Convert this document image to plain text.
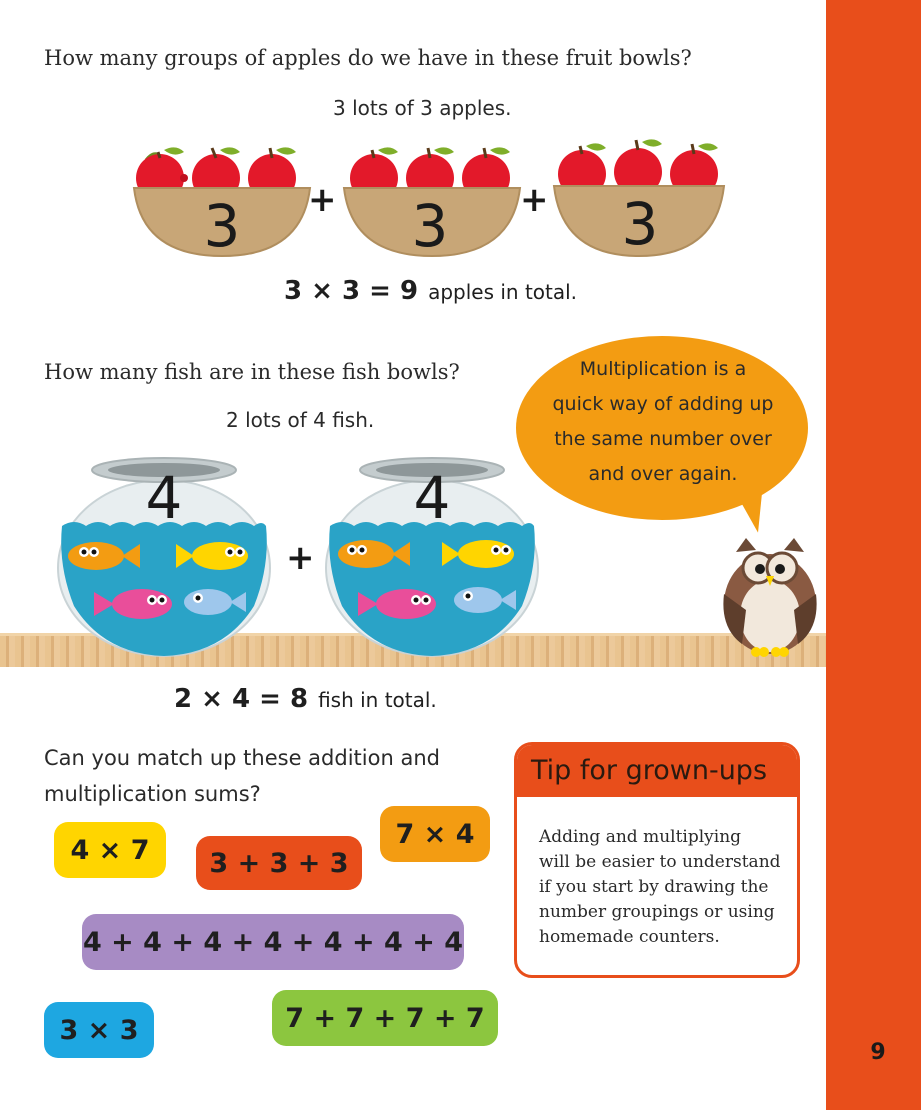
9
How many groups of apples do we have in these fruit bowls?
3 lots of 3 apples.
3 + 3 + 3
3 × 3 = 9 apples in total.
How many fish are in these fish bowls?
2 lots of 4 fish.
Multiplication is a
quick way of adding up
the same number over
and over again.
4
+
4
2 × 4 = 8 fish in total.
Can you match up these addition and
multiplication sums?
4 × 7	3 + 3 + 3
7 × 4
4 + 4 + 4 + 4 + 4 + 4 + 4
3 × 3	7 + 7 + 7 + 7
Tip for grown-ups
Adding and multiplying
will be easier to understand
if you start by drawing the
number groupings or using
homemade counters.
